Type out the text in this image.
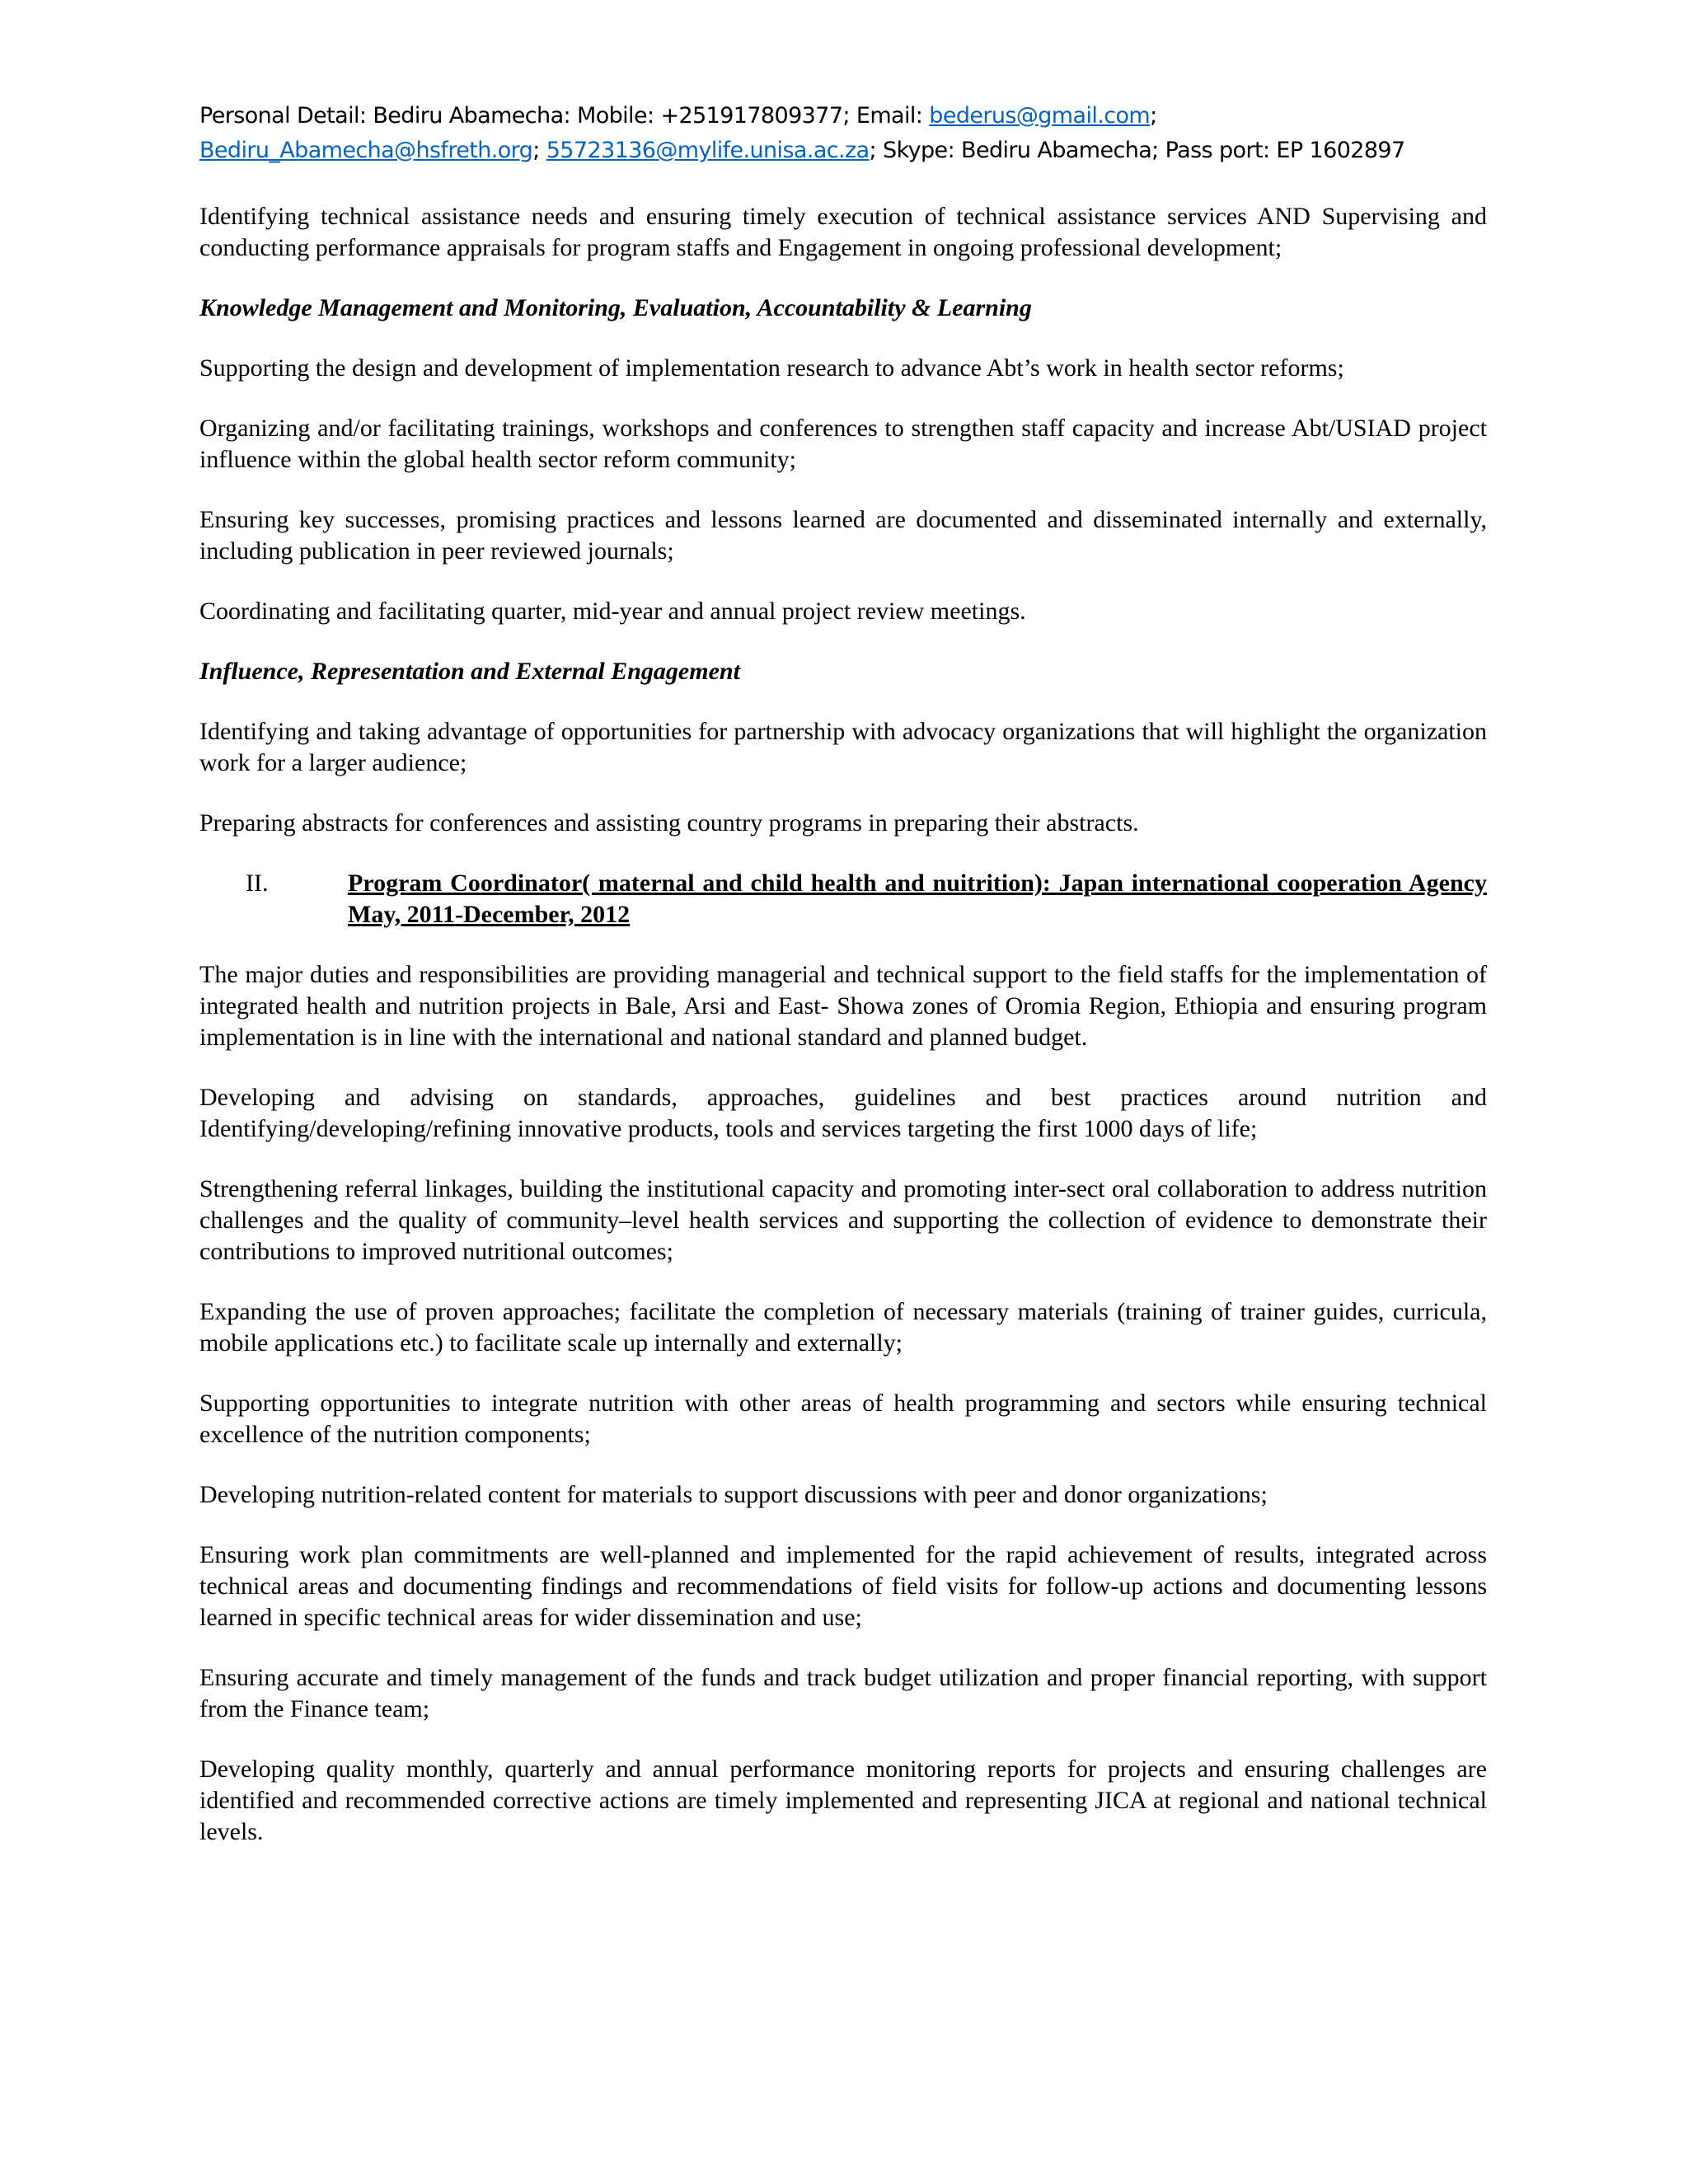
Personal Detail: Bediru Abamecha: Mobile: +251917809377; Email: bederus@gmail.com;
Bediru_Abamecha@hsfreth.org; 55723136@mylife.unisa.ac.za; Skype: Bediru Abamecha; Pass port: EP 1602897

Identifying technical assistance needs and ensuring timely execution of technical assistance services AND Supervising and conducting performance appraisals for program staffs and Engagement in ongoing professional development;

Knowledge Management and Monitoring, Evaluation, Accountability & Learning

Supporting the design and development of implementation research to advance Abt’s work in health sector reforms;

Organizing and/or facilitating trainings, workshops and conferences to strengthen staff capacity and increase Abt/USIAD project influence within the global health sector reform community;

Ensuring key successes, promising practices and lessons learned are documented and disseminated internally and externally, including publication in peer reviewed journals;

Coordinating and facilitating quarter, mid-year and annual project review meetings.

Influence, Representation and External Engagement

Identifying and taking advantage of opportunities for partnership with advocacy organizations that will highlight the organization work for a larger audience;

Preparing abstracts for conferences and assisting country programs in preparing their abstracts.

II.	Program Coordinator( maternal and child health and nuitrition): Japan international cooperation Agency May, 2011-December, 2012

The major duties and responsibilities are providing managerial and technical support to the field staffs for the implementation of integrated health and nutrition projects in Bale, Arsi and East- Showa zones of Oromia Region, Ethiopia and ensuring program implementation is in line with the international and national standard and planned budget.

Developing and advising on standards, approaches, guidelines and best practices around nutrition and Identifying/developing/refining innovative products, tools and services targeting the first 1000 days of life;

Strengthening referral linkages, building the institutional capacity and promoting inter-sect oral collaboration to address nutrition challenges and the quality of community–level health services and supporting the collection of evidence to demonstrate their contributions to improved nutritional outcomes;

Expanding the use of proven approaches; facilitate the completion of necessary materials (training of trainer guides, curricula, mobile applications etc.) to facilitate scale up internally and externally;

Supporting opportunities to integrate nutrition with other areas of health programming and sectors while ensuring technical excellence of the nutrition components;

Developing nutrition-related content for materials to support discussions with peer and donor organizations;

Ensuring work plan commitments are well-planned and implemented for the rapid achievement of results, integrated across technical areas and documenting findings and recommendations of field visits for follow-up actions and documenting lessons learned in specific technical areas for wider dissemination and use;

Ensuring accurate and timely management of the funds and track budget utilization and proper financial reporting, with support from the Finance team;

Developing quality monthly, quarterly and annual performance monitoring reports for projects and ensuring challenges are identified and recommended corrective actions are timely implemented and representing JICA at regional and national technical levels.
